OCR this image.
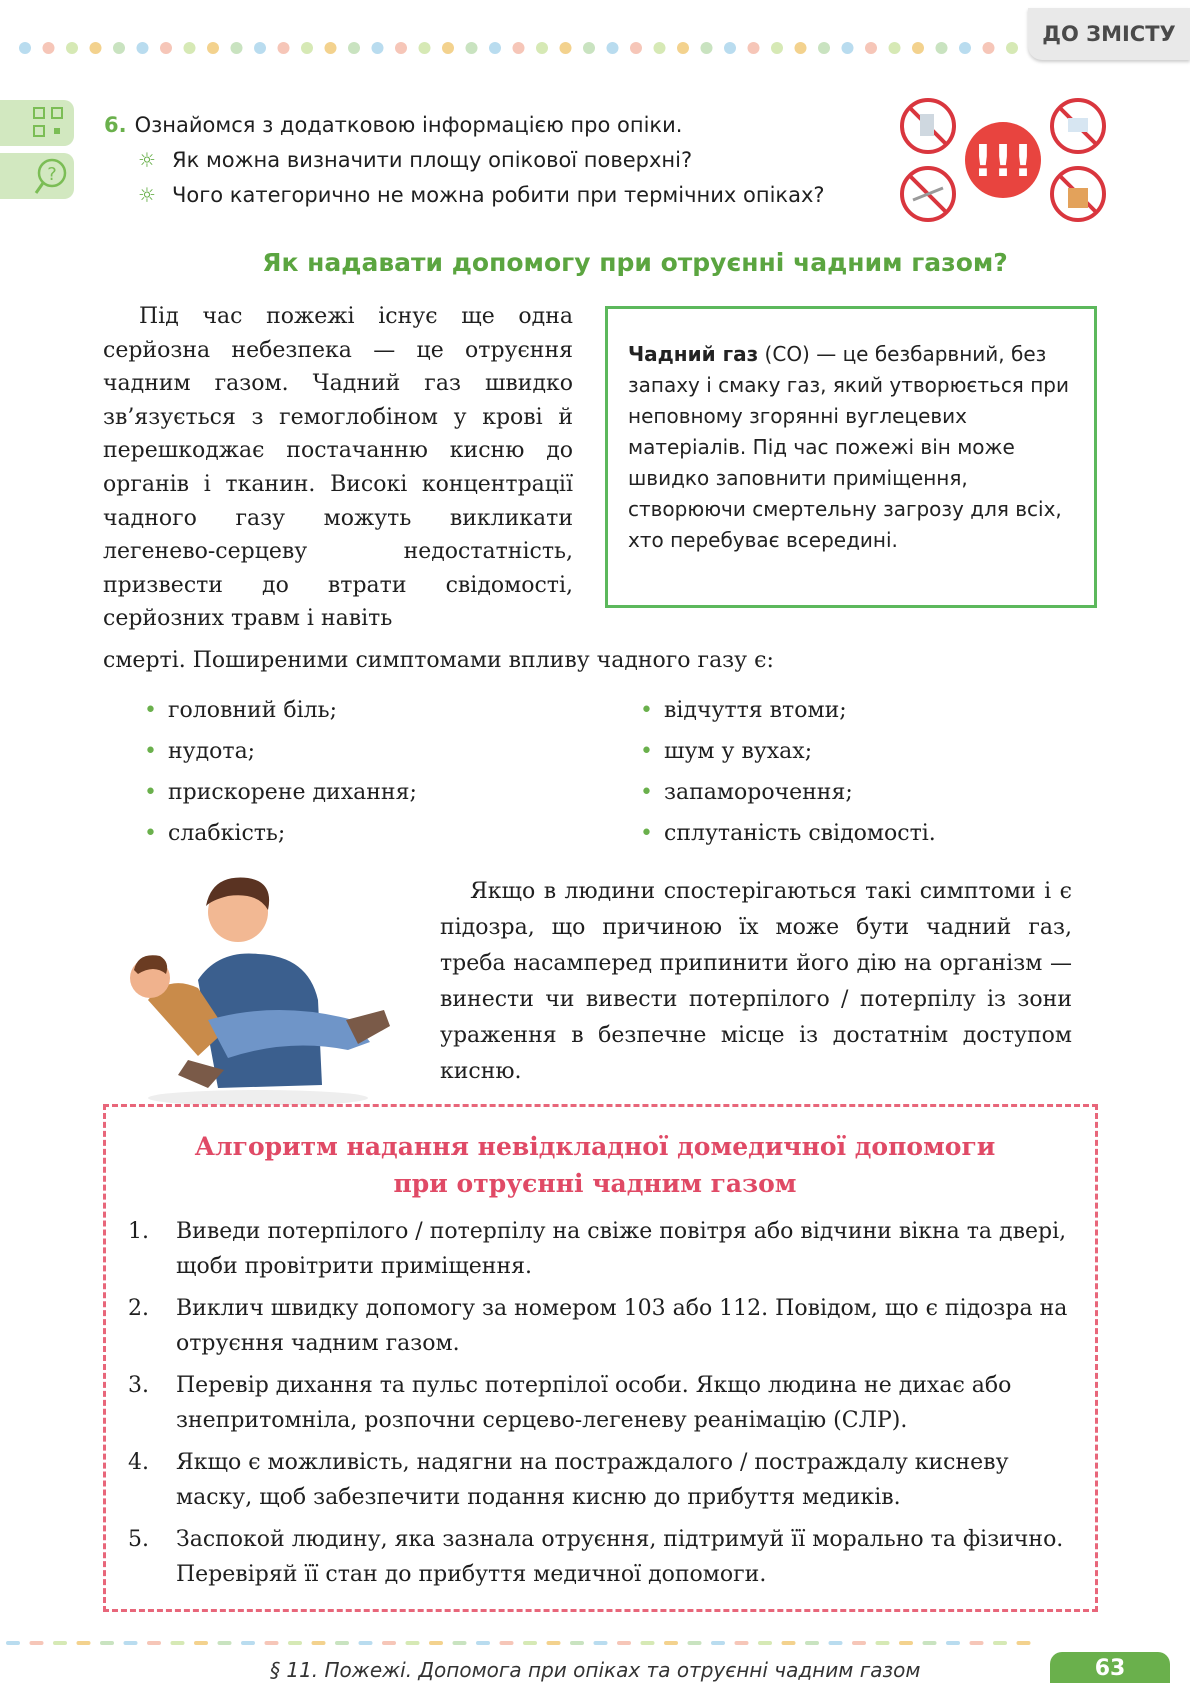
ДО ЗМІСТУ
?
6. Ознайомся з додатковою інформацією про опіки.
☼ Як можна визначити площу опікової поверхні?
☼ Чого категорично не можна робити при термічних опіках?
!!!
Як надавати допомогу при отруєнні чадним газом?
Під час пожежі існує ще одна серйозна небезпека — це отруєння чадним газом. Чадний газ швидко зв’язується з гемоглобіном у крові й перешкоджає постачанню кисню до органів і тканин. Високі концентрації чадного газу можуть викликати легенево-серцеву недостатність, призвести до втрати свідомості, серйозних травм і навіть
смерті. Поширеними симптомами впливу чадного газу є:
Чадний газ (CO) — це безбарвний, без запаху і смаку газ, який утворюється при неповному згорянні вуглецевих матеріалів. Під час пожежі він може швидко заповнити приміщення, створюючи смертельну загрозу для всіх, хто перебуває всередині.
• головний біль;
• нудота;
• прискорене дихання;
• слабкість;
• відчуття втоми;
• шум у вухах;
• запаморочення;
• сплутаність свідомості.
Якщо в людини спостерігаються такі симптоми і є підозра, що причиною їх може бути чадний газ, треба насамперед припинити його дію на організм — винести чи вивести потерпілого / потерпілу із зони ураження в безпечне місце із достатнім доступом кисню.
Алгоритм надання невідкладної домедичної допомоги
при отруєнні чадним газом
1. Виведи потерпілого / потерпілу на свіже повітря або відчини вікна та двері, щоби провітрити приміщення.
2. Виклич швидку допомогу за номером 103 або 112. Повідом, що є підозра на отруєння чадним газом.
3. Перевір дихання та пульс потерпілої особи. Якщо людина не дихає або знепритомніла, розпочни серцево-легеневу реанімацію (СЛР).
4. Якщо є можливість, надягни на постраждалого / постраждалу кисневу маску, щоб забезпечити подання кисню до прибуття медиків.
5. Заспокой людину, яка зазнала отруєння, підтримуй її морально та фізично. Перевіряй її стан до прибуття медичної допомоги.
§ 11. Пожежі. Допомога при опіках та отруєнні чадним газом	63
